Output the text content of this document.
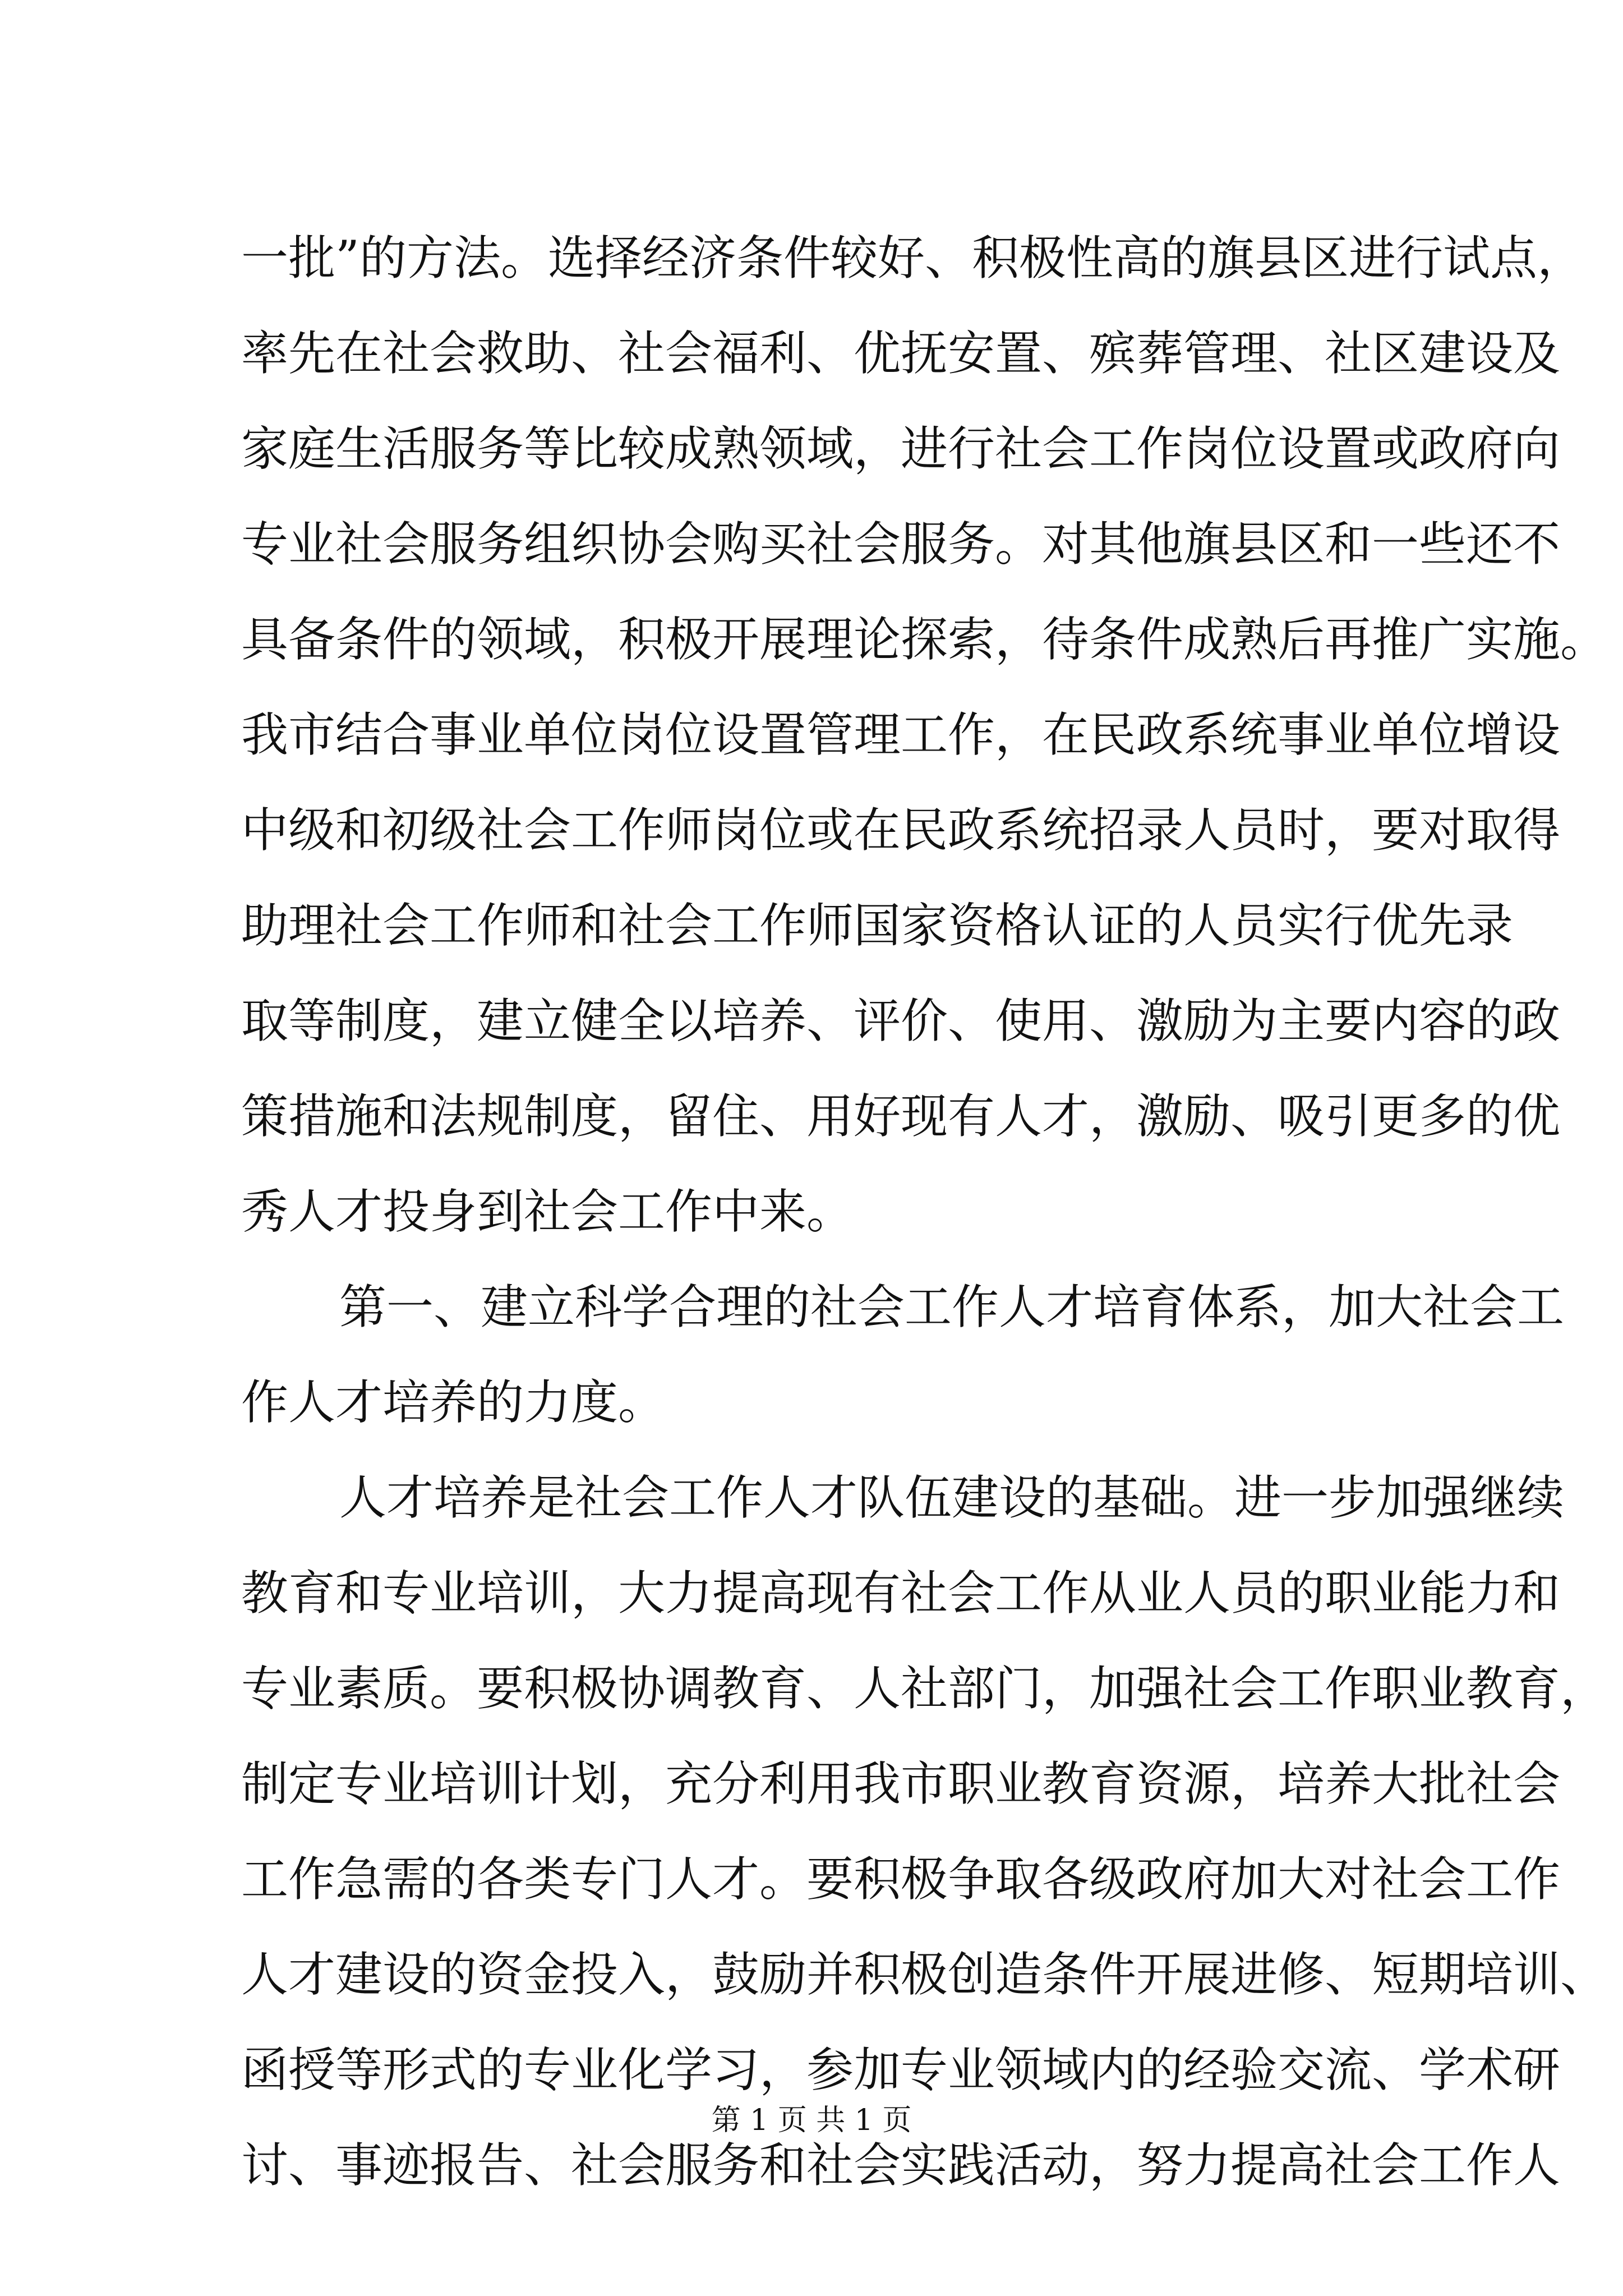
一批”的方法。选择经济条件较好、积极性高的旗县区进行试点，
率先在社会救助、社会福利、优抚安置、殡葬管理、社区建设及
家庭生活服务等比较成熟领域，进行社会工作岗位设置或政府向
专业社会服务组织协会购买社会服务。对其他旗县区和一些还不
具备条件的领域，积极开展理论探索，待条件成熟后再推广实施。
我市结合事业单位岗位设置管理工作，在民政系统事业单位增设
中级和初级社会工作师岗位或在民政系统招录人员时，要对取得
助理社会工作师和社会工作师国家资格认证的人员实行优先录
取等制度，建立健全以培养、评价、使用、激励为主要内容的政
策措施和法规制度，留住、用好现有人才，激励、吸引更多的优
秀人才投身到社会工作中来。
第一、建立科学合理的社会工作人才培育体系，加大社会工
作人才培养的力度。
人才培养是社会工作人才队伍建设的基础。进一步加强继续
教育和专业培训，大力提高现有社会工作从业人员的职业能力和
专业素质。要积极协调教育、人社部门，加强社会工作职业教育，
制定专业培训计划，充分利用我市职业教育资源，培养大批社会
工作急需的各类专门人才。要积极争取各级政府加大对社会工作
人才建设的资金投入，鼓励并积极创造条件开展进修、短期培训、
函授等形式的专业化学习，参加专业领域内的经验交流、学术研
讨、事迹报告、社会服务和社会实践活动，努力提高社会工作人
第 1 页 共 1 页
